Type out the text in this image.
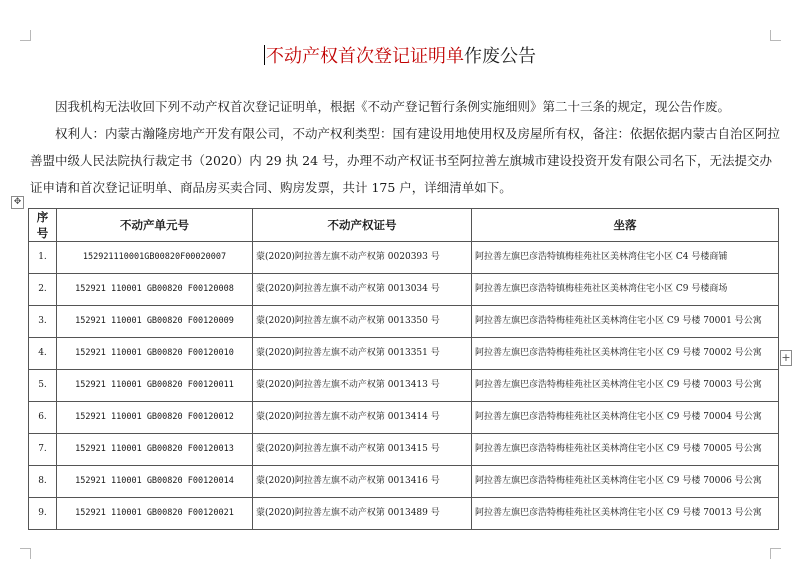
不动产权首次登记证明单作废公告

因我机构无法收回下列不动产权首次登记证明单，根据《不动产登记暂行条例实施细则》第二十三条的规定，现公告作废。

权利人：内蒙古瀚隆房地产开发有限公司，不动产权利类型：国有建设用地使用权及房屋所有权，备注：依据依据内蒙古自治区阿拉善盟中级人民法院执行裁定书（2020）内 29 执 24 号，办理不动产权证书至阿拉善左旗城市建设投资开发有限公司名下，无法提交办证申请和首次登记证明单、商品房买卖合同、购房发票，共计 175 户，详细清单如下。

✥
+
序号	不动产单元号	不动产权证号	坐落
1.	152921110001GB00820F00020007	蒙(2020)阿拉善左旗不动产权第 0020393 号	阿拉善左旗巴彦浩特镇梅桂苑社区美林湾住宅小区 C4 号楼商铺
2.	152921 110001 GB00820 F00120008	蒙(2020)阿拉善左旗不动产权第 0013034 号	阿拉善左旗巴彦浩特镇梅桂苑社区美林湾住宅小区 C9 号楼商场
3.	152921 110001 GB00820 F00120009	蒙(2020)阿拉善左旗不动产权第 0013350 号	阿拉善左旗巴彦浩特梅桂苑社区美林湾住宅小区 C9 号楼 70001 号公寓
4.	152921 110001 GB00820 F00120010	蒙(2020)阿拉善左旗不动产权第 0013351 号	阿拉善左旗巴彦浩特梅桂苑社区美林湾住宅小区 C9 号楼 70002 号公寓
5.	152921 110001 GB00820 F00120011	蒙(2020)阿拉善左旗不动产权第 0013413 号	阿拉善左旗巴彦浩特梅桂苑社区美林湾住宅小区 C9 号楼 70003 号公寓
6.	152921 110001 GB00820 F00120012	蒙(2020)阿拉善左旗不动产权第 0013414 号	阿拉善左旗巴彦浩特梅桂苑社区美林湾住宅小区 C9 号楼 70004 号公寓
7.	152921 110001 GB00820 F00120013	蒙(2020)阿拉善左旗不动产权第 0013415 号	阿拉善左旗巴彦浩特梅桂苑社区美林湾住宅小区 C9 号楼 70005 号公寓
8.	152921 110001 GB00820 F00120014	蒙(2020)阿拉善左旗不动产权第 0013416 号	阿拉善左旗巴彦浩特梅桂苑社区美林湾住宅小区 C9 号楼 70006 号公寓
9.	152921 110001 GB00820 F00120021	蒙(2020)阿拉善左旗不动产权第 0013489 号	阿拉善左旗巴彦浩特梅桂苑社区美林湾住宅小区 C9 号楼 70013 号公寓
